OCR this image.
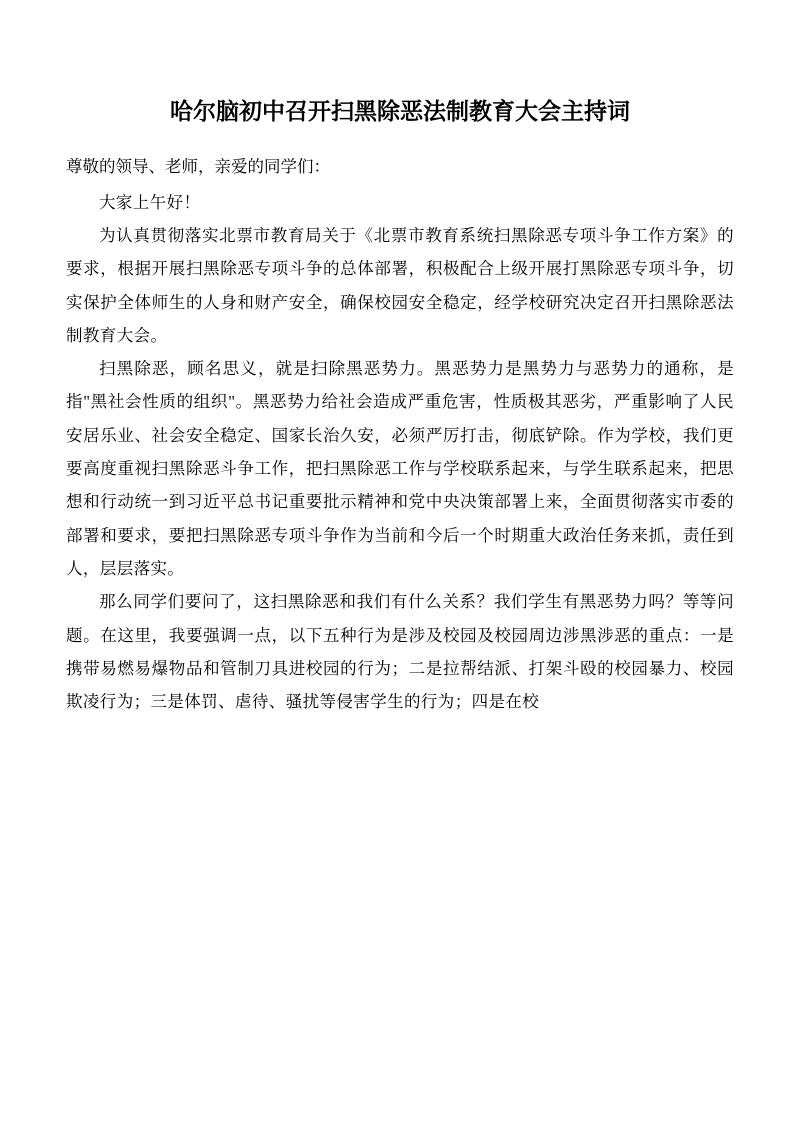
哈尔脑初中召开扫黑除恶法制教育大会主持词

尊敬的领导、老师，亲爱的同学们：

大家上午好！

为认真贯彻落实北票市教育局关于《北票市教育系统扫黑除恶专项斗争工作方案》的要求，根据开展扫黑除恶专项斗争的总体部署，积极配合上级开展打黑除恶专项斗争，切实保护全体师生的人身和财产安全，确保校园安全稳定，经学校研究决定召开扫黑除恶法制教育大会。

扫黑除恶，顾名思义，就是扫除黑恶势力。黑恶势力是黑势力与恶势力的通称，是指"黑社会性质的组织"。黑恶势力给社会造成严重危害，性质极其恶劣，严重影响了人民安居乐业、社会安全稳定、国家长治久安，必须严厉打击，彻底铲除。作为学校，我们更要高度重视扫黑除恶斗争工作，把扫黑除恶工作与学校联系起来，与学生联系起来，把思想和行动统一到习近平总书记重要批示精神和党中央决策部署上来，全面贯彻落实市委的部署和要求，要把扫黑除恶专项斗争作为当前和今后一个时期重大政治任务来抓，责任到人，层层落实。

那么同学们要问了，这扫黑除恶和我们有什么关系？我们学生有黑恶势力吗？等等问题。在这里，我要强调一点，以下五种行为是涉及校园及校园周边涉黑涉恶的重点：一是携带易燃易爆物品和管制刀具进校园的行为；二是拉帮结派、打架斗殴的校园暴力、校园欺凌行为；三是体罚、虐待、骚扰等侵害学生的行为；四是在校
